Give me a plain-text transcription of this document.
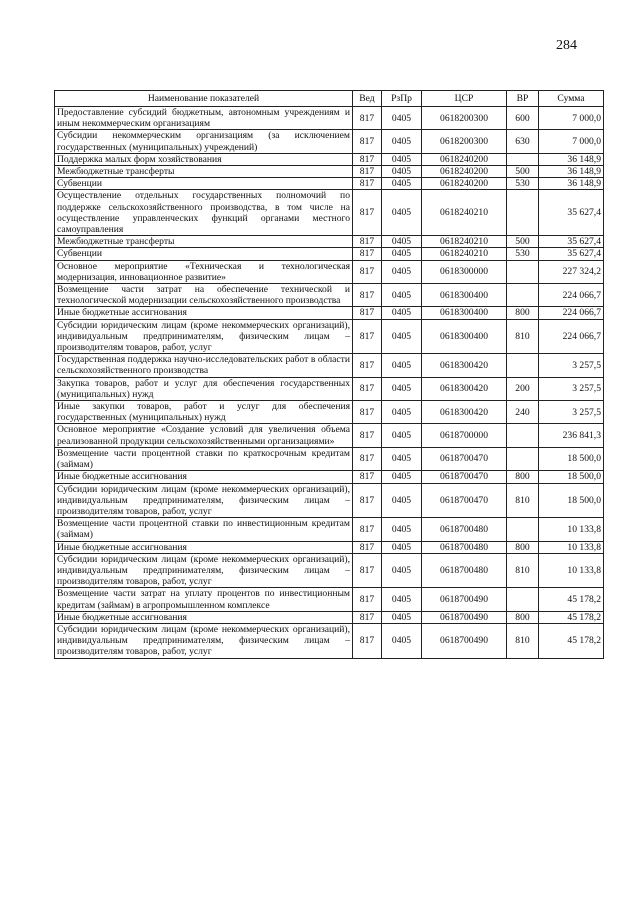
284
Наименование показателей	Вед	РзПр	ЦСР	ВР	Сумма
Предоставление субсидий бюджетным, автономным учреждениям и иным некоммерческим организациям	817	0405	0618200300	600	7 000,0
Субсидии некоммерческим организациям (за исключением государственных (муниципальных) учреждений)	817	0405	0618200300	630	7 000,0
Поддержка малых форм хозяйствования	817	0405	0618240200		36 148,9
Межбюджетные трансферты	817	0405	0618240200	500	36 148,9
Субвенции	817	0405	0618240200	530	36 148,9
Осуществление отдельных государственных полномочий по поддержке сельскохозяйственного производства, в том числе на осуществление управленческих функций органами местного самоуправления	817	0405	0618240210		35 627,4
Межбюджетные трансферты	817	0405	0618240210	500	35 627,4
Субвенции	817	0405	0618240210	530	35 627,4
Основное мероприятие «Техническая и технологическая модернизация, инновационное развитие»	817	0405	0618300000		227 324,2
Возмещение части затрат на обеспечение технической и технологической модернизации сельскохозяйственного производства	817	0405	0618300400		224 066,7
Иные бюджетные ассигнования	817	0405	0618300400	800	224 066,7
Субсидии юридическим лицам (кроме некоммерческих организаций), индивидуальным предпринимателям, физическим лицам – производителям товаров, работ, услуг	817	0405	0618300400	810	224 066,7
Государственная поддержка научно-исследовательских работ в области сельскохозяйственного производства	817	0405	0618300420		3 257,5
Закупка товаров, работ и услуг для обеспечения государственных (муниципальных) нужд	817	0405	0618300420	200	3 257,5
Иные закупки товаров, работ и услуг для обеспечения государственных (муниципальных) нужд	817	0405	0618300420	240	3 257,5
Основное мероприятие «Создание условий для увеличения объема реализованной продукции сельскохозяйственными организациями»	817	0405	0618700000		236 841,3
Возмещение части процентной ставки по краткосрочным кредитам (займам)	817	0405	0618700470		18 500,0
Иные бюджетные ассигнования	817	0405	0618700470	800	18 500,0
Субсидии юридическим лицам (кроме некоммерческих организаций), индивидуальным предпринимателям, физическим лицам – производителям товаров, работ, услуг	817	0405	0618700470	810	18 500,0
Возмещение части процентной ставки по инвестиционным кредитам (займам)	817	0405	0618700480		10 133,8
Иные бюджетные ассигнования	817	0405	0618700480	800	10 133,8
Субсидии юридическим лицам (кроме некоммерческих организаций), индивидуальным предпринимателям, физическим лицам – производителям товаров, работ, услуг	817	0405	0618700480	810	10 133,8
Возмещение части затрат на уплату процентов по инвестиционным кредитам (займам) в агропромышленном комплексе	817	0405	0618700490		45 178,2
Иные бюджетные ассигнования	817	0405	0618700490	800	45 178,2
Субсидии юридическим лицам (кроме некоммерческих организаций), индивидуальным предпринимателям, физическим лицам – производителям товаров, работ, услуг	817	0405	0618700490	810	45 178,2
